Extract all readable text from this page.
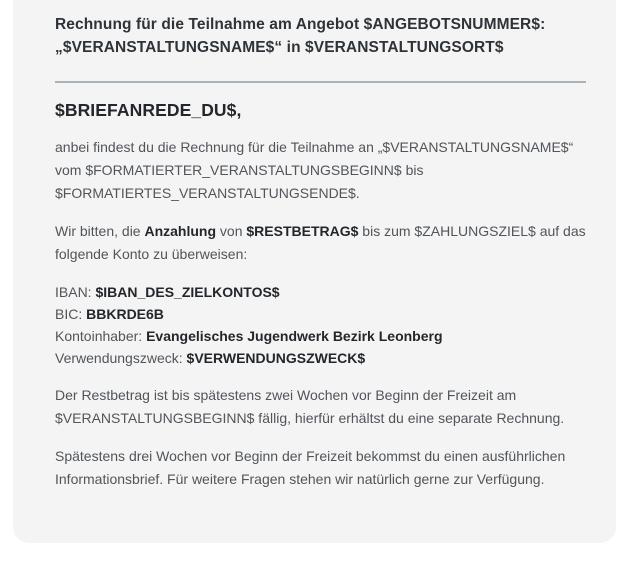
Rechnung für die Teilnahme am Angebot $ANGEBOTSNUMMER$: „$VERANSTALTUNGSNAME$“ in $VERANSTALTUNGSORT$
$BRIEFANREDE_DU$,

anbei findest du die Rechnung für die Teilnahme an „$VERANSTALTUNGSNAME$“ vom $FORMATIERTER_VERANSTALTUNGSBEGINN$ bis $FORMATIERTES_VERANSTALTUNGSENDE$.

Wir bitten, die Anzahlung von $RESTBETRAG$ bis zum $ZAHLUNGSZIEL$ auf das folgende Konto zu überweisen:

IBAN: $IBAN_DES_ZIELKONTOS$
BIC: BBKRDE6B
Kontoinhaber: Evangelisches Jugendwerk Bezirk Leonberg
Verwendungszweck: $VERWENDUNGSZWECK$

Der Restbetrag ist bis spätestens zwei Wochen vor Beginn der Freizeit am $VERANSTALTUNGSBEGINN$ fällig, hierfür erhältst du eine separate Rechnung.

Spätestens drei Wochen vor Beginn der Freizeit bekommst du einen ausführlichen Informationsbrief. Für weitere Fragen stehen wir natürlich gerne zur Verfügung.
